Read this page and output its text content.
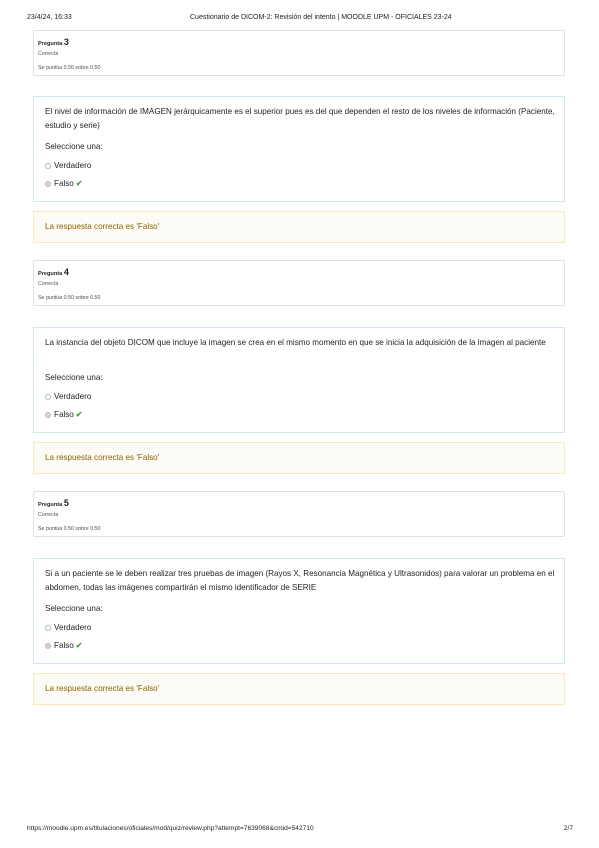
23/4/24, 16:33	Cuestionario de DICOM-2: Revisión del intento | MOODLE UPM - OFICIALES 23-24
Pregunta 3
Correcta
Se puntúa 0.50 sobre 0.50
El nivel de información de IMAGEN jerárquicamente es el superior pues es del que dependen el resto de los niveles de información (Paciente, estudio y serie)
Seleccione una:
Verdadero
Falso ✔
La respuesta correcta es 'Falso'
Pregunta 4
Correcta
Se puntúa 0.50 sobre 0.50
La instancia del objeto DICOM que incluye la imagen se crea en el mismo momento en que se inicia la adquisición de la imagen al paciente
Seleccione una:
Verdadero
Falso ✔
La respuesta correcta es 'Falso'
Pregunta 5
Correcta
Se puntúa 0.50 sobre 0.50
Si a un paciente se le deben realizar tres pruebas de imagen (Rayos X, Resonancia Magnética y Ultrasonidos) para valorar un problema en el abdomen, todas las imágenes compartirán el mismo identificador de SERIE
Seleccione una:
Verdadero
Falso ✔
La respuesta correcta es 'Falso'
https://moodle.upm.es/titulaciones/oficiales/mod/quiz/review.php?attempt=7639068&cmid=542710	2/7
